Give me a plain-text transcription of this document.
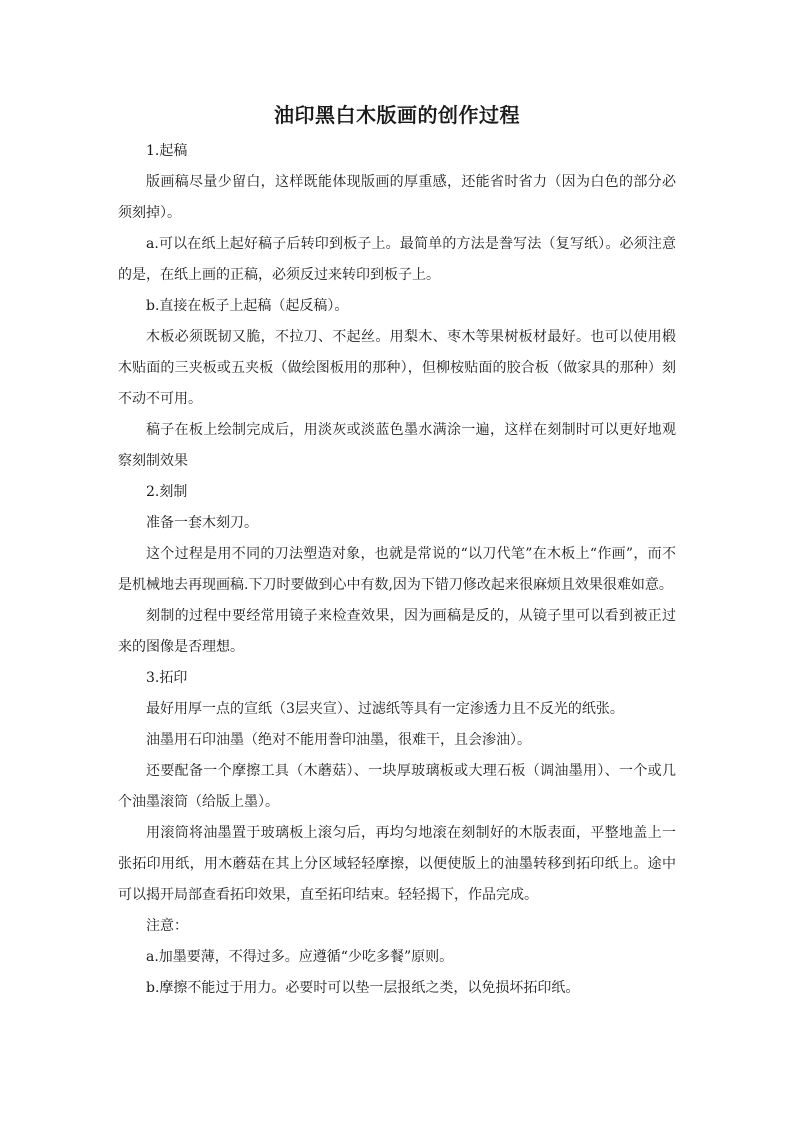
油印黑白木版画的创作过程

1.起稿

版画稿尽量少留白，这样既能体现版画的厚重感，还能省时省力（因为白色的部分必须刻掉）。

a.可以在纸上起好稿子后转印到板子上。最简单的方法是誊写法（复写纸）。必须注意的是，在纸上画的正稿，必须反过来转印到板子上。

b.直接在板子上起稿（起反稿）。

木板必须既韧又脆，不拉刀、不起丝。用梨木、枣木等果树板材最好。也可以使用椴木贴面的三夹板或五夹板（做绘图板用的那种），但柳桉贴面的胶合板（做家具的那种）刻不动不可用。

稿子在板上绘制完成后，用淡灰或淡蓝色墨水满涂一遍，这样在刻制时可以更好地观察刻制效果

2.刻制

准备一套木刻刀。

这个过程是用不同的刀法塑造对象，也就是常说的“以刀代笔”在木板上“作画”，而不是机械地去再现画稿.下刀时要做到心中有数,因为下错刀修改起来很麻烦且效果很难如意。

刻制的过程中要经常用镜子来检查效果，因为画稿是反的，从镜子里可以看到被正过来的图像是否理想。

3.拓印

最好用厚一点的宣纸（3层夹宣）、过滤纸等具有一定渗透力且不反光的纸张。

油墨用石印油墨（绝对不能用誊印油墨，很难干，且会渗油）。

还要配备一个摩擦工具（木蘑菇）、一块厚玻璃板或大理石板（调油墨用）、一个或几个油墨滚筒（给版上墨）。

用滚筒将油墨置于玻璃板上滚匀后，再均匀地滚在刻制好的木版表面，平整地盖上一张拓印用纸，用木蘑菇在其上分区域轻轻摩擦，以便使版上的油墨转移到拓印纸上。途中可以揭开局部查看拓印效果，直至拓印结束。轻轻揭下，作品完成。

注意：

a.加墨要薄，不得过多。应遵循“少吃多餐”原则。

b.摩擦不能过于用力。必要时可以垫一层报纸之类，以免损坏拓印纸。
